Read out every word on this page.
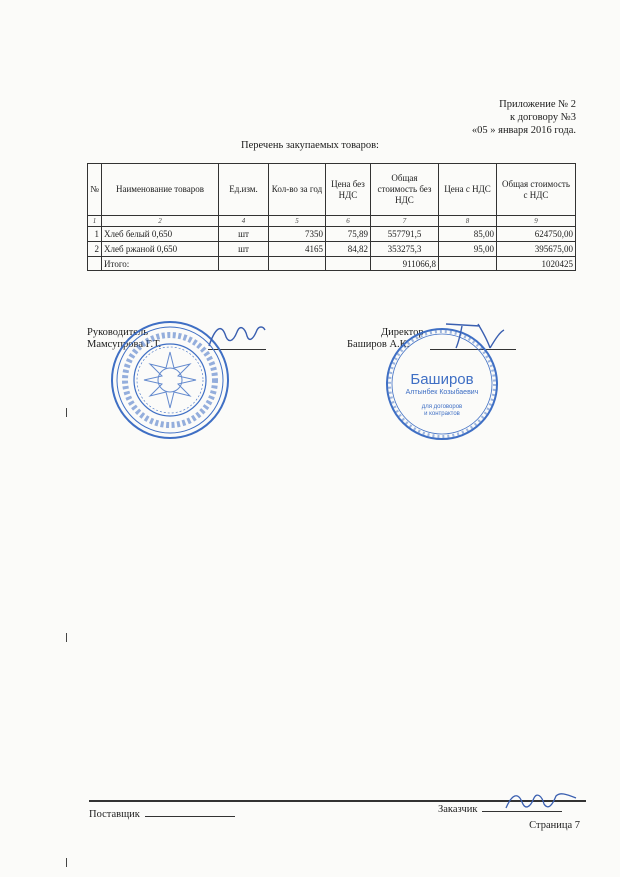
Приложение № 2
к договору №3
«05 » января 2016 года.
Перечень закупаемых товаров:
№	Наименование товаров	Ед.изм.	Кол-во за год	Цена без НДС	Общая стоимость без НДС	Цена с НДС	Общая стоимость с НДС
1	2	4	5	6	7	8	9
1	Хлеб белый 0,650	шт	7350	75,89	557791,5	85,00	624750,00
2	Хлеб ржаной 0,650	шт	4165	84,82	353275,3	95,00	395675,00
	Итого:				911066,8		1020425
Руководитель
Мамсупрова Г.Т.
Директор
Баширов А.К.
Баширов
Алтынбек Козыбаевич
для договоров
и контрактов
Поставщик	Заказчик
Страница 7
